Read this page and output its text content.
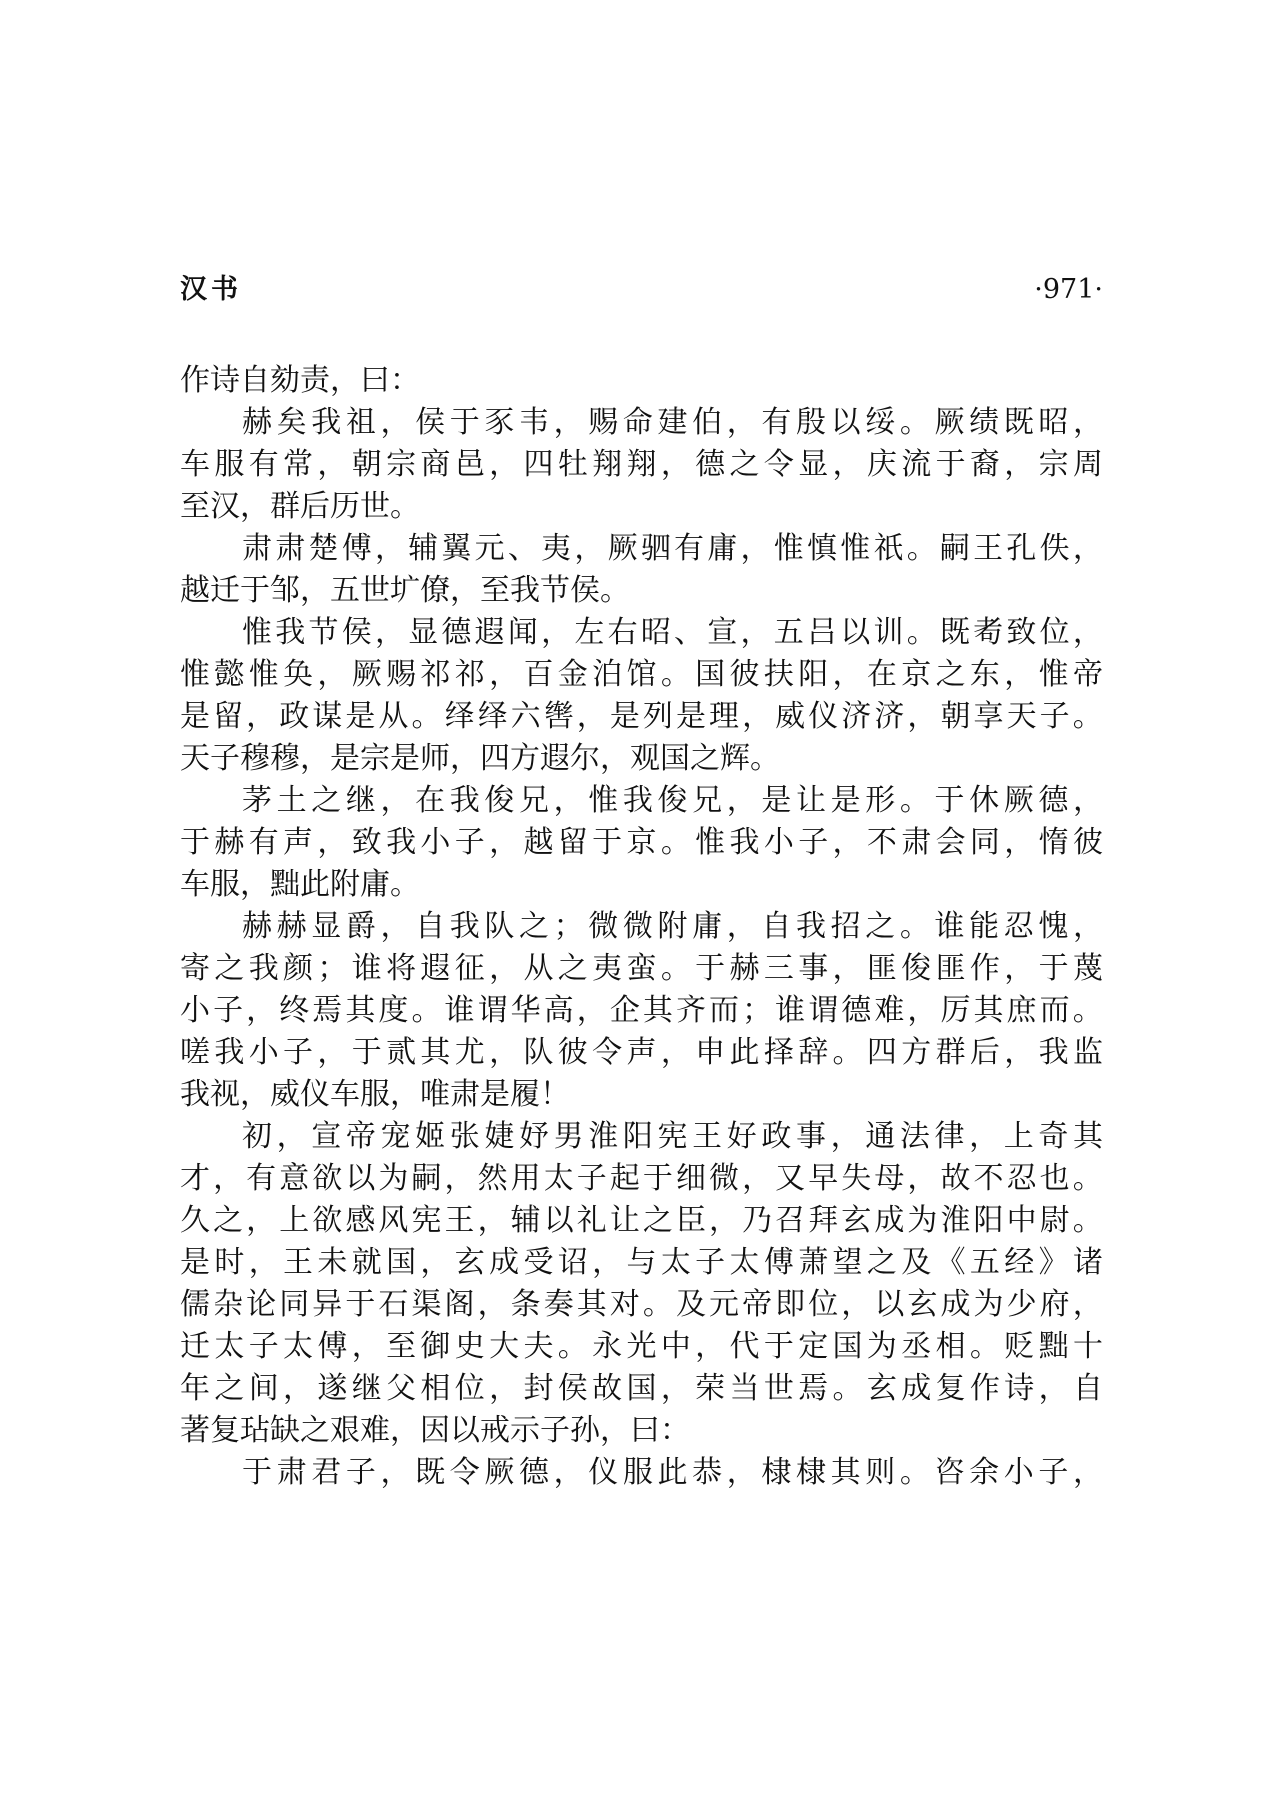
汉书	·971·
作 诗 自 劾 责 ， 曰 ：
赫 矣 我 祖 ， 侯 于 豕 韦 ， 赐 命 建 伯 ， 有 殷 以 绥 。 厥 绩 既 昭 ，
车 服 有 常 ， 朝 宗 商 邑 ， 四 牡 翔 翔 ， 德 之 令 显 ， 庆 流 于 裔 ， 宗 周
至 汉 ， 群 后 历 世 。
肃 肃 楚 傅 ， 辅 翼 元 、 夷 ， 厥 驷 有 庸 ， 惟 慎 惟 祇 。 嗣 王 孔 佚 ，
越 迁 于 邹 ， 五 世 圹 僚 ， 至 我 节 侯 。
惟 我 节 侯 ， 显 德 遐 闻 ， 左 右 昭 、 宣 ， 五 吕 以 训 。 既 耇 致 位 ，
惟 懿 惟 奂 ， 厥 赐 祁 祁 ， 百 金 泊 馆 。 国 彼 扶 阳 ， 在 京 之 东 ， 惟 帝
是 留 ， 政 谋 是 从 。 绎 绎 六 辔 ， 是 列 是 理 ， 威 仪 济 济 ， 朝 享 天 子 。
天 子 穆 穆 ， 是 宗 是 师 ， 四 方 遐 尔 ， 观 国 之 辉 。
茅 土 之 继 ， 在 我 俊 兄 ， 惟 我 俊 兄 ， 是 让 是 形 。 于 休 厥 德 ，
于 赫 有 声 ， 致 我 小 子 ， 越 留 于 京 。 惟 我 小 子 ， 不 肃 会 同 ， 惰 彼
车 服 ， 黜 此 附 庸 。
赫 赫 显 爵 ， 自 我 队 之 ； 微 微 附 庸 ， 自 我 招 之 。 谁 能 忍 愧 ，
寄 之 我 颜 ； 谁 将 遐 征 ， 从 之 夷 蛮 。 于 赫 三 事 ， 匪 俊 匪 作 ， 于 蔑
小 子 ， 终 焉 其 度 。 谁 谓 华 高 ， 企 其 齐 而 ； 谁 谓 德 难 ， 厉 其 庶 而 。
嗟 我 小 子 ， 于 贰 其 尤 ， 队 彼 令 声 ， 申 此 择 辞 。 四 方 群 后 ， 我 监
我 视 ， 威 仪 车 服 ， 唯 肃 是 履 ！
初 ， 宣 帝 宠 姬 张 婕 妤 男 淮 阳 宪 王 好 政 事 ， 通 法 律 ， 上 奇 其
才 ， 有 意 欲 以 为 嗣 ， 然 用 太 子 起 于 细 微 ， 又 早 失 母 ， 故 不 忍 也 。
久 之 ， 上 欲 感 风 宪 王 ， 辅 以 礼 让 之 臣 ， 乃 召 拜 玄 成 为 淮 阳 中 尉 。
是 时 ， 王 未 就 国 ， 玄 成 受 诏 ， 与 太 子 太 傅 萧 望 之 及 《 五 经 》 诸
儒 杂 论 同 异 于 石 渠 阁 ， 条 奏 其 对 。 及 元 帝 即 位 ， 以 玄 成 为 少 府 ，
迁 太 子 太 傅 ， 至 御 史 大 夫 。 永 光 中 ， 代 于 定 国 为 丞 相 。 贬 黜 十
年 之 间 ， 遂 继 父 相 位 ， 封 侯 故 国 ， 荣 当 世 焉 。 玄 成 复 作 诗 ， 自
著 复 玷 缺 之 艰 难 ， 因 以 戒 示 子 孙 ， 曰 ：
于 肃 君 子 ， 既 令 厥 德 ， 仪 服 此 恭 ， 棣 棣 其 则 。 咨 余 小 子 ，
